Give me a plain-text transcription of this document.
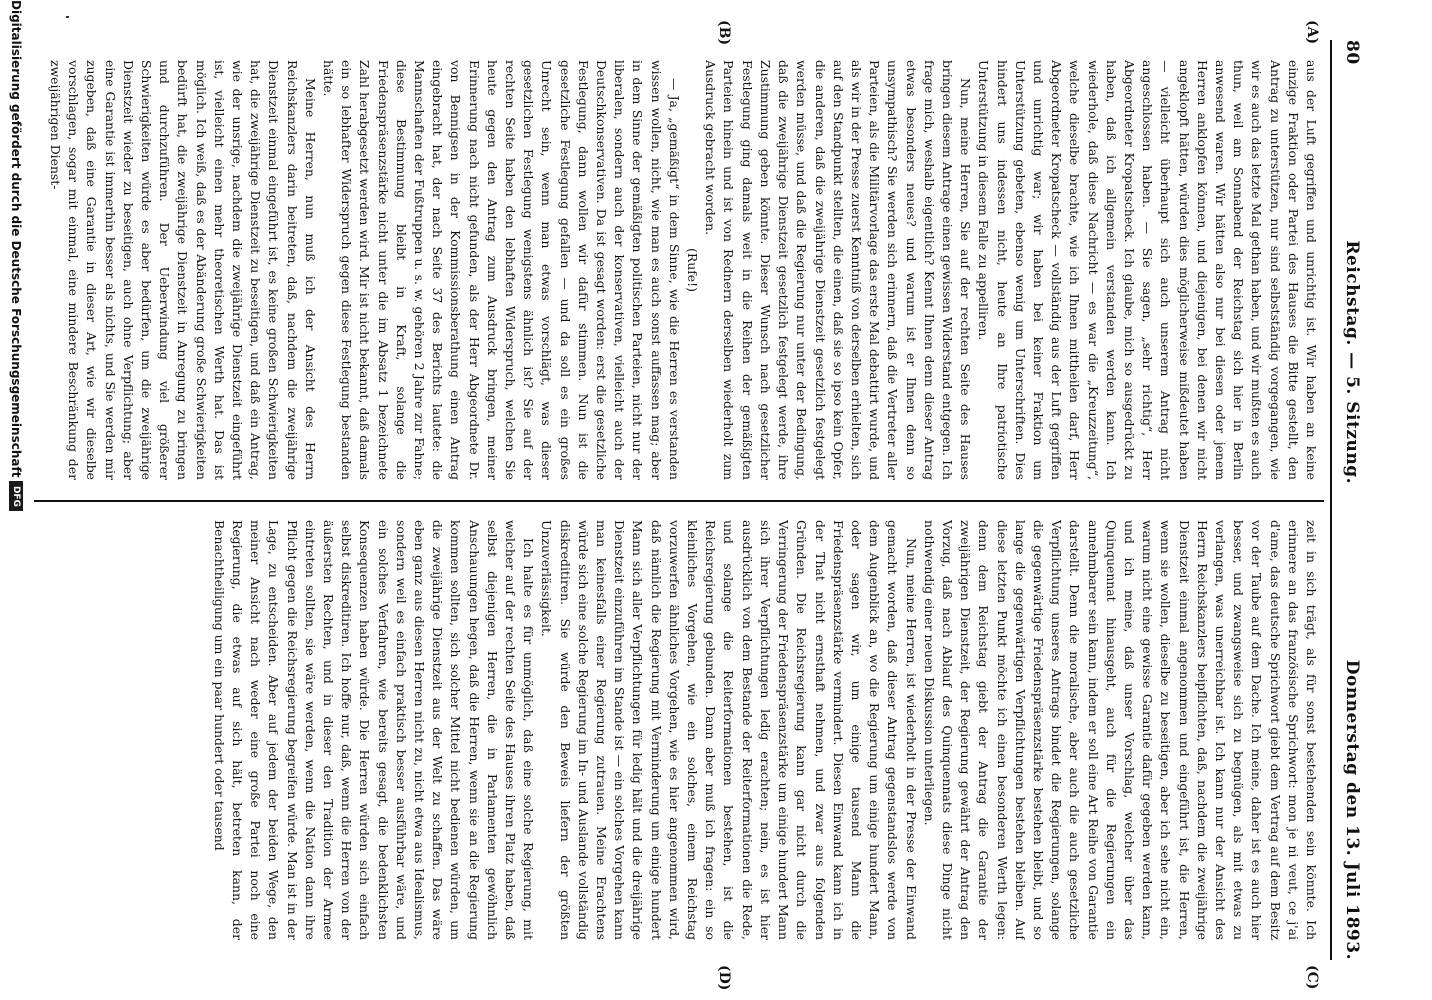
80
Reichstag. — 5. Sitzung.
Donnerstag den 13. Juli 1893.
(A)
(B)
(C)
(D)

aus der Luft gegriffen und unrichtig ist. Wir haben an keine einzige Fraktion oder Partei des Hauses die Bitte gestellt, den Antrag zu unterstützen, nur sind selbstständig vorgegangen, wie wir es auch das letzte Mal gethan haben, und wir mußten es auch thun, weil am Sonnabend der Reichstag sich hier in Berlin anwesend waren. Wir hätten also nur bei diesen oder jenem Herren anklopfen können, und diejenigen, bei denen wir nicht angeklopft hätten, würden dies möglicherweise mißdeutet haben — vielleicht überhaupt sich auch unserem Antrag nicht angeschlossen haben. — Sie sagen, „sehr richtig“, Herr Abgeordneter Kropatscheck. Ich glaube, mich so ausgedrückt zu haben, daß ich allgemein verstanden werden kann. Ich wiederhole, daß diese Nachricht — es war die „Kreuzzeitung“, welche dieselbe brachte, wie ich Ihnen mittheilen darf, Herr Abgeordneter Kropatscheck — vollständig aus der Luft gegriffen und unrichtig war; wir haben bei keiner Fraktion um Unterstützung gebeten, ebenso wenig um Unterschriften. Dies hindert uns indessen nicht, heute an Ihre patriotische Unterstützung in diesem Falle zu appelliren.

Nun, meine Herren, Sie auf der rechten Seite des Hauses bringen diesem Antrage einen gewissen Widerstand entgegen. Ich frage mich, weshalb eigentlich? Kennt Ihnen denn dieser Antrag etwas besonders neues? und warum ist er Ihnen denn so unsympathisch? Sie werden sich erinnern, daß die Vertreter aller Parteien, als die Militärvorlage das erste Mal debattirt wurde, und als wir in der Presse zuerst Kenntniß von derselben erhielten, sich auf den Standpunkt stellten, die einen, daß sie so ipso kein Opfer, die anderen, daß die zweijährige Dienstzeit gesetzlich festgelegt werden müsse, und daß die Regierung nur unter der Bedingung, daß die zweijährige Dienstzeit gesetzlich festgelegt werde, ihre Zustimmung geben könnte. Dieser Wunsch nach gesetzlicher Festlegung ging damals weit in die Reihen der gemäßigten Parteien hinein und ist von Rednern derselben wiederholt zum Ausdruck gebracht worden.

(Rufe!)

— Ja, „gemäßigt“ in dem Sinne, wie die Herren es verstanden wissen wollen, nicht, wie man es auch sonst auffassen mag; aber in dem Sinne der gemäßigten politischen Parteien, nicht nur der liberalen, sondern auch der konservativen, vielleicht auch der Deutschkonservativen. Da ist gesagt worden: erst die gesetzliche Festlegung, dann wollen wir dafür stimmen. Nun ist die gesetzliche Festlegung gefallen — und da soll es ein großes Unrecht sein, wenn man etwas vorschlägt, was dieser gesetzlichen Festlegung wenigstens ähnlich ist? Sie auf der rechten Seite haben den lebhaften Widerspruch, welchen Sie heute gegen den Antrag zum Ausdruck bringen, meiner Erinnerung nach nicht gefunden, als der Herr Abgeordnete Dr. von Bennigsen in der Kommissionsberathung einen Antrag eingebracht hat, der nach Seite 37 des Berichts lautete: die Mannschaften der Fußtruppen u. s. w. gehören 2 Jahre zur Fahne; diese Bestimmung bleibt in Kraft, solange die Friedenspräsenzstärke nicht unter die im Absatz 1 bezeichnete Zahl herabgesetzt werden wird. Mir ist nicht bekannt, daß damals ein so lebhafter Widerspruch gegen diese Festlegung bestanden hätte.

Meine Herren, nun muß ich der Ansicht des Herrn Reichskanzlers darin beitreten, daß, nachdem die zweijährige Dienstzeit einmal eingeführt ist, es keine großen Schwierigkeiten hat, die zweijährige Dienstzeit zu beseitigen, und daß ein Antrag, wie der unsrige, nachdem die zweijährige Dienstzeit eingeführt ist, vielleicht einen mehr theoretischen Werth hat. Das ist möglich. Ich weiß, daß es der Abänderung große Schwierigkeiten bedürft hat, die zweijährige Dienstzeit in Anregung zu bringen und durchzuführen. Der Ueberwindung viel größerer Schwierigkeiten würde es aber bedürfen, um die zweijährige Dienstzeit wieder zu beseitigen, auch ohne Verpflichtung; aber eine Garantie ist immerhin besser als nichts, und Sie werden mir zugeben, daß eine Garantie in dieser Art, wie wir dieselbe vorschlagen, sogar mit einmal, eine mindere Beschränkung der zweijährigen Dienst-

zeit in sich trägt, als für sonst bestehenden sein könnte. Ich erinnere an das französische Sprichwort: mon je ni veut, ce j'ai d'ame, das deutsche Sprichwort giebt dem Vertrag auf dem Besitz vor der Taube auf dem Dache. Ich meine, daher ist es auch hier besser, und zwangsweise sich zu begnügen, als mit etwas zu verlangen, was unerreichbar ist. Ich kann nur der Ansicht des Herrn Reichskanzlers beipflichten, daß, nachdem die zweijährige Dienstzeit einmal angenommen und eingeführt ist, die Herren, wenn sie wollen, dieselbe zu beseitigen, aber ich sehe nicht ein, warum nicht eine gewisse Garantie dafür gegeben werden kann, und ich meine, daß unser Vorschlag, welcher über das Quinquennat hinausgeht, auch für die Regierungen ein annehmbarer sein kann, indem er soll eine Art Reihe von Garantie darstellt. Denn die moralische, aber auch die auch gesetzliche Verpflichtung unseres Antrags bindet die Regierungen, solange die gegenwärtige Friedenspräsenzstärke bestehen bleibt, und so lange die gegenwärtigen Verpflichtungen bestehen bleiben. Auf diese letzten Punkt möchte ich einen besonderen Werth legen: denn dem Reichstag giebt der Antrag die Garantie der zweijährigen Dienstzeit, der Regierung gewährt der Antrag den Vorzug, daß nach Ablauf des Quinquennats diese Dinge nicht nothwendig einer neuen Diskussion unterliegen.

Nun, meine Herren, ist wiederholt in der Presse der Einwand gemacht worden, daß dieser Antrag gegenstandslos werde von dem Augenblick an, wo die Regierung um einige hundert Mann, oder sagen wir, um einige tausend Mann die Friedenspräsenzstärke vermindert. Diesen Einwand kann ich in der That nicht ernsthaft nehmen, und zwar aus folgenden Gründen. Die Reichsregierung kann gar nicht durch die Verringerung der Friedenspräsenzstärke um einige hundert Mann sich ihrer Verpflichtungen ledig erachten; nein, es ist hier ausdrücklich von dem Bestande der Reiterformationen die Rede, und solange die Reiterformationen bestehen, ist die Reichsregierung gebunden. Dann aber muß ich fragen: ein so kleinliches Vorgehen, wie ein solches, einem Reichstag vorzuwerfen ähnliches Vorgehen, wie es hier angenommen wird, daß nämlich die Regierung mit Verminderung um einige hundert Mann sich aller Verpflichtungen für ledig hält und die dreijährige Dienstzeit einzuführen im Stande ist — ein solches Vorgehen kann man keinesfalls einer Regierung zutrauen. Meine Erachtens würde sich eine solche Regierung im In- und Auslande vollständig diskreditiren. Sie würde den Beweis liefern der größten Unzuverlässigkeit.

Ich halte es für unmöglich, daß eine solche Regierung, mit welcher auf der rechten Seite des Hauses ihren Platz haben, daß selbst diejenigen Herren, die in Parlamenten gewöhnlich Anschauungen hegen, daß die Herren, wenn sie an die Regierung kommen sollten, sich solcher Mittel nicht bedienen würden, um die zweijährige Dienstzeit aus der Welt zu schaffen. Das wäre eben ganz aus diesen Herren nicht zu, nicht etwa aus Idealismus, sondern weil es einfach praktisch besser ausführbar wäre, und ein solches Verfahren, wie bereits gesagt, die bedenklichsten Konsequenzen haben würde. Die Herren würden sich einfach selbst diskreditiren. Ich hoffe nur, daß, wenn die Herren von der äußersten Rechten, und in dieser den Tradition der Armee eintreten sollten, sie wäre werden, wenn die Nation dann ihre Pflicht gegen die Reichsregierung begreifen würde. Man ist in der Lage, zu entscheiden. Aber auf jedem der beiden Wege, den meiner Ansicht nach weder eine große Partei noch eine Regierung, die etwas auf sich hält, betreten kann, der Benachtheiligung um ein paar hundert oder tausend

Digitalisierung gefördert durch die Deutsche Forschungsgemeinschaft
DFG
